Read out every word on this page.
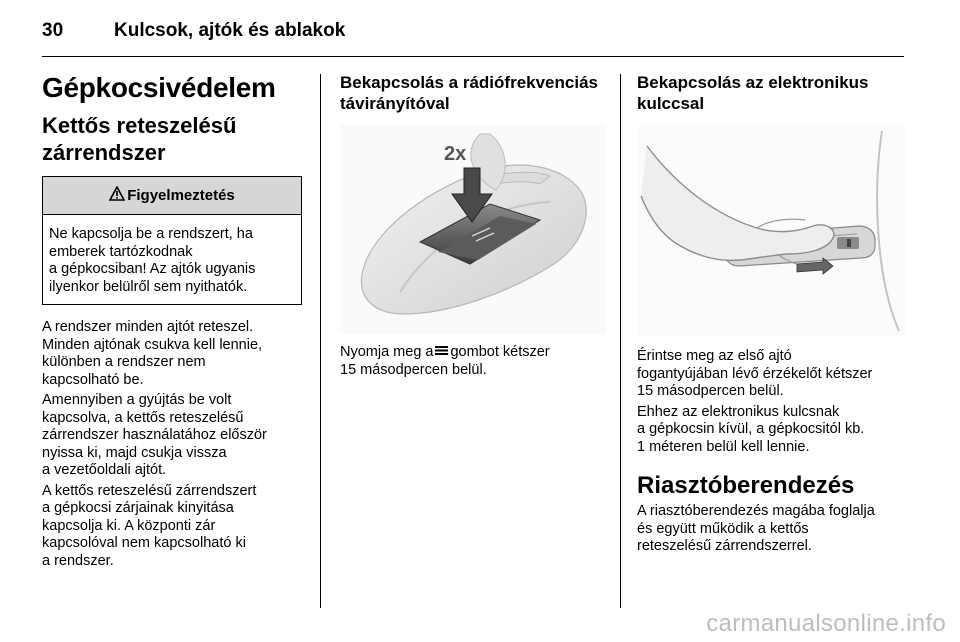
30	Kulcsok, ajtók és ablakok
Gépkocsivédelem
Kettős reteszelésű
zárrendszer
Figyelmeztetés
Ne kapcsolja be a rendszert, ha
emberek tartózkodnak
a gépkocsiban! Az ajtók ugyanis
ilyenkor belülről sem nyithatók.
A rendszer minden ajtót reteszel.
Minden ajtónak csukva kell lennie,
különben a rendszer nem
kapcsolható be.
Amennyiben a gyújtás be volt
kapcsolva, a kettős reteszelésű
zárrendszer használatához először
nyissa ki, majd csukja vissza
a vezetőoldali ajtót.
A kettős reteszelésű zárrendszert
a gépkocsi zárjainak kinyitása
kapcsolja ki. A központi zár
kapcsolóval nem kapcsolható ki
a rendszer.
Bekapcsolás a rádiófrekvenciás
távirányítóval
2x
Nyomja meg a gombot kétszer
15 másodpercen belül.
Bekapcsolás az elektronikus
kulccsal
Érintse meg az első ajtó
fogantyújában lévő érzékelőt kétszer
15 másodpercen belül.
Ehhez az elektronikus kulcsnak
a gépkocsin kívül, a gépkocsitól kb.
1 méteren belül kell lennie.
Riasztóberendezés
A riasztóberendezés magába foglalja
és együtt működik a kettős
reteszelésű zárrendszerrel.
carmanualsonline.info
